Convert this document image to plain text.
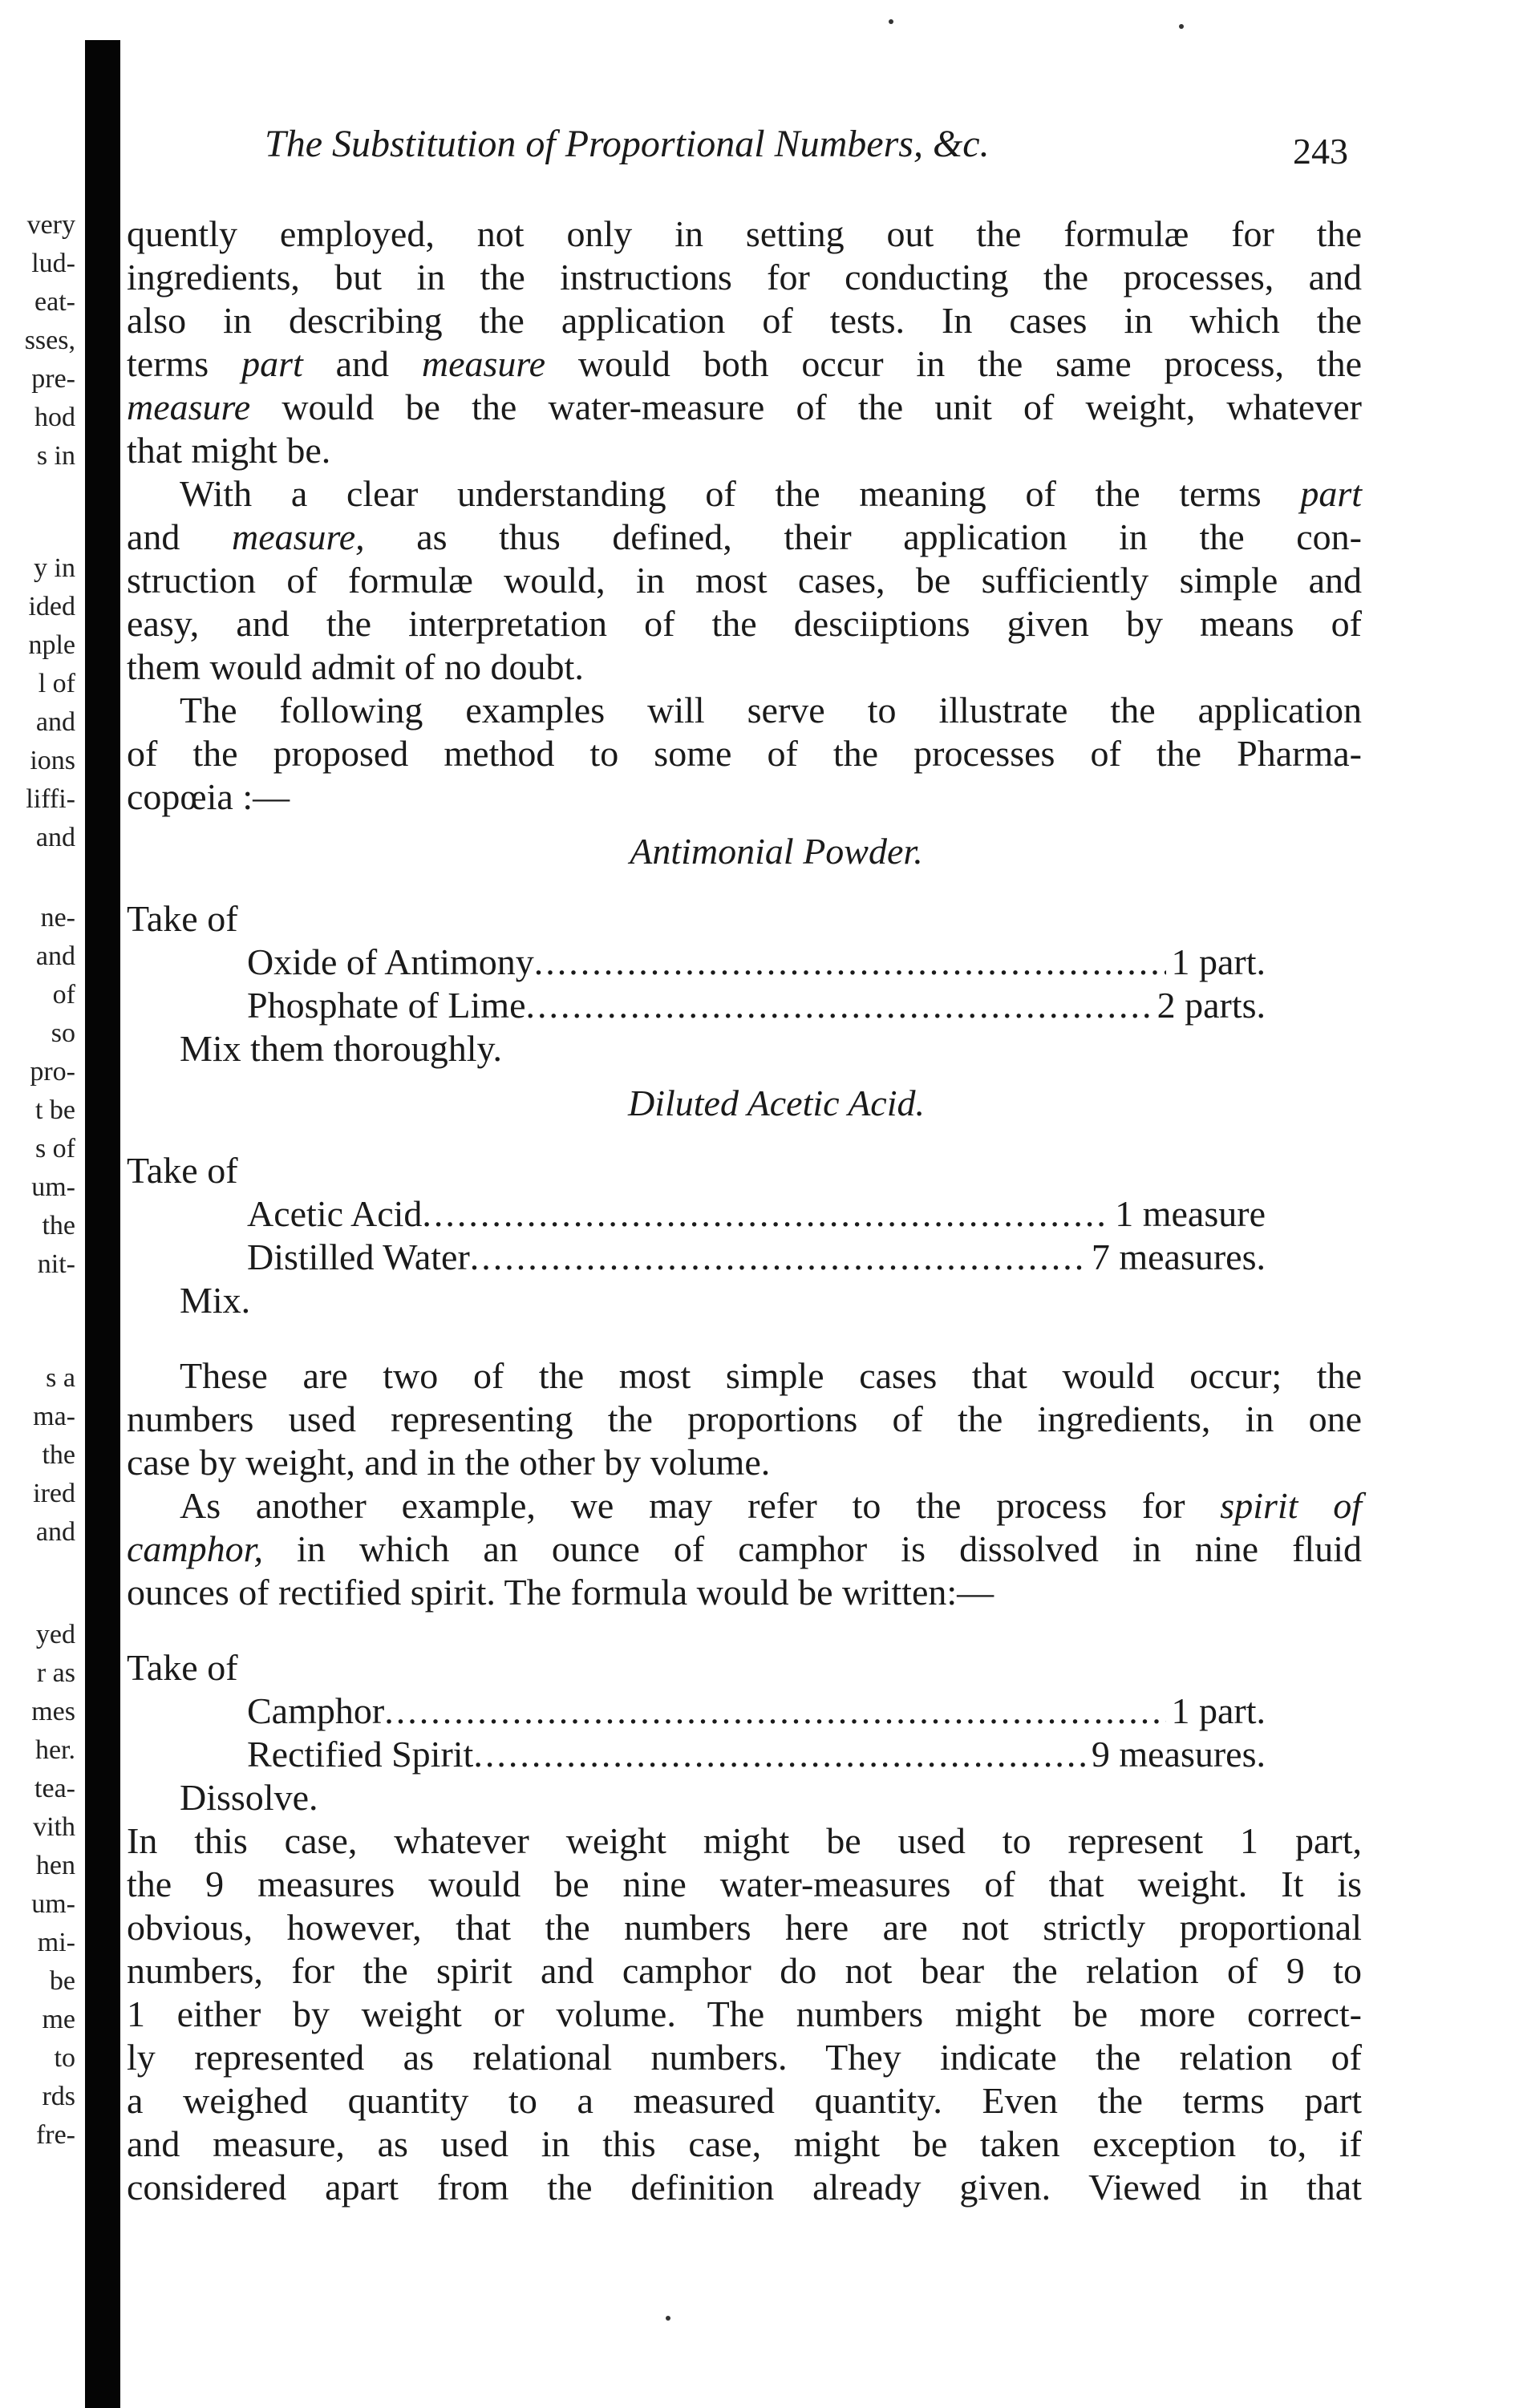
very
lud-
eat-
sses,
pre-
hod
s in
y in
ided
nple
l of
and
ions
liffi-
and
ne-
and
of
so
pro-
t be
s of
um-
the
nit-
s a
ma-
the
ired
and
yed
r as
mes
her.
tea-
vith
hen
um-
mi-
be
me
to
rds
fre-
The Substitution of Proportional Numbers, &c.	243
quently employed, not only in setting out the formulæ for the
ingredients, but in the instructions for conducting the processes, and
also in describing the application of tests. In cases in which the
terms part and measure would both occur in the same process, the
measure would be the water-measure of the unit of weight, whatever
that might be.
With a clear understanding of the meaning of the terms part
and measure, as thus defined, their application in the con-
struction of formulæ would, in most cases, be sufficiently simple and
easy, and the interpretation of the desciiptions given by means of
them would admit of no doubt.
The following examples will serve to illustrate the application
of the proposed method to some of the processes of the Pharma-
copœia :—
Antimonial Powder.
Take of
Oxide of Antimony .....	1 part.
Phosphate of Lime .....	2 parts.
Mix them thoroughly.
Diluted Acetic Acid.
Take of
Acetic Acid .....	1 measure
Distilled Water .....	7 measures.
Mix.
These are two of the most simple cases that would occur; the
numbers used representing the proportions of the ingredients, in one
case by weight, and in the other by volume.
As another example, we may refer to the process for spirit of
camphor, in which an ounce of camphor is dissolved in nine fluid
ounces of rectified spirit. The formula would be written:—
Take of
Camphor .....	1 part.
Rectified Spirit .....	9 measures.
Dissolve.
In this case, whatever weight might be used to represent 1 part,
the 9 measures would be nine water-measures of that weight. It is
obvious, however, that the numbers here are not strictly proportional
numbers, for the spirit and camphor do not bear the relation of 9 to
1 either by weight or volume. The numbers might be more correct-
ly represented as relational numbers. They indicate the relation of
a weighed quantity to a measured quantity. Even the terms part
and measure, as used in this case, might be taken exception to, if
considered apart from the definition already given. Viewed in that
